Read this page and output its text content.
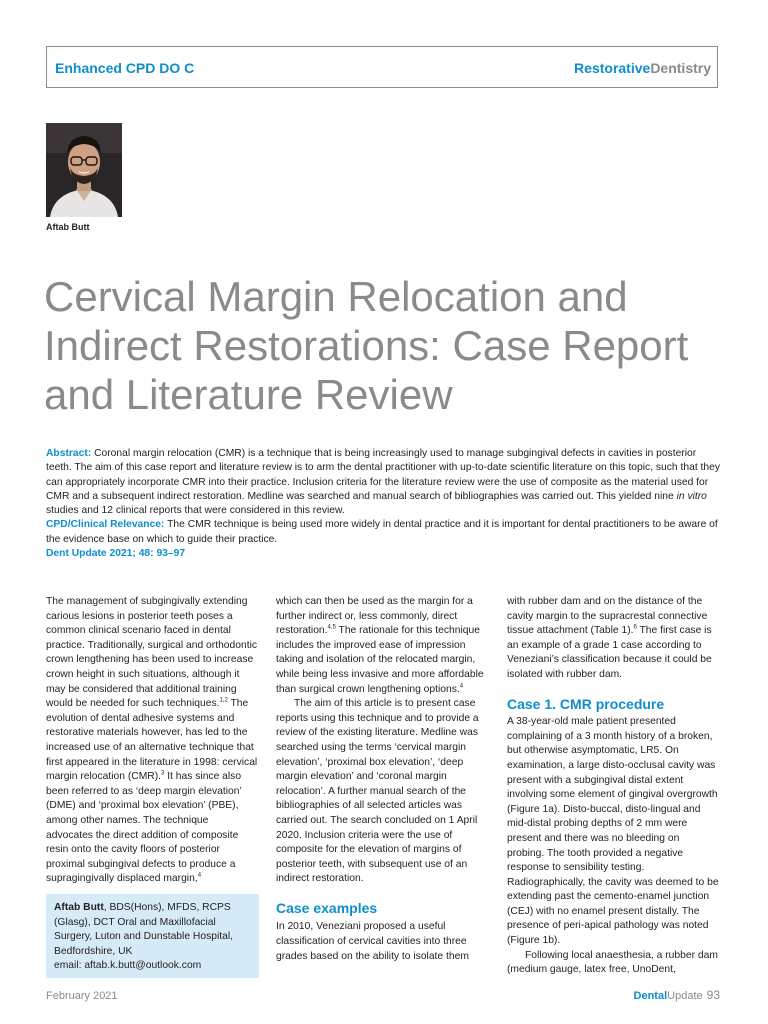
Enhanced CPD DO C	RestorativeDentistry
Aftab Butt
Cervical Margin Relocation and Indirect Restorations: Case Report and Literature Review

Abstract: Coronal margin relocation (CMR) is a technique that is being increasingly used to manage subgingival defects in cavities in posterior teeth. The aim of this case report and literature review is to arm the dental practitioner with up-to-date scientific literature on this topic, such that they can appropriately incorporate CMR into their practice. Inclusion criteria for the literature review were the use of composite as the material used for CMR and a subsequent indirect restoration. Medline was searched and manual search of bibliographies was carried out. This yielded nine in vitro studies and 12 clinical reports that were considered in this review.

CPD/Clinical Relevance: The CMR technique is being used more widely in dental practice and it is important for dental practitioners to be aware of the evidence base on which to guide their practice.

Dent Update 2021; 48: 93–97

The management of subgingivally extending carious lesions in posterior teeth poses a common clinical scenario faced in dental practice. Traditionally, surgical and orthodontic crown lengthening has been used to increase crown height in such situations, although it may be considered that additional training would be needed for such techniques.$^{1,2}$ The evolution of dental adhesive systems and restorative materials however, has led to the increased use of an alternative technique that first appeared in the literature in 1998: cervical margin relocation (CMR).$^3$ It has since also been referred to as ‘deep margin elevation’ (DME) and ‘proximal box elevation’ (PBE), among other names. The technique advocates the direct addition of composite resin onto the cavity floors of posterior proximal subgingival defects to produce a supragingivally displaced margin,$^4$

Aftab Butt, BDS(Hons), MFDS, RCPS (Glasg), DCT Oral and Maxillofacial Surgery, Luton and Dunstable Hospital, Bedfordshire, UK

email: aftab.k.butt@outlook.com

which can then be used as the margin for a further indirect or, less commonly, direct restoration.$^{4,5}$ The rationale for this technique includes the improved ease of impression taking and isolation of the relocated margin, while being less invasive and more affordable than surgical crown lengthening options.$^4$

The aim of this article is to present case reports using this technique and to provide a review of the existing literature. Medline was searched using the terms ‘cervical margin elevation’, ‘proximal box elevation’, ‘deep margin elevation’ and ‘coronal margin relocation’. A further manual search of the bibliographies of all selected articles was carried out. The search concluded on 1 April 2020. Inclusion criteria were the use of composite for the elevation of margins of posterior teeth, with subsequent use of an indirect restoration.

Case examples

In 2010, Veneziani proposed a useful classification of cervical cavities into three grades based on the ability to isolate them

with rubber dam and on the distance of the cavity margin to the supracrestal connective tissue attachment (Table 1).$^6$ The first case is an example of a grade 1 case according to Veneziani’s classification because it could be isolated with rubber dam.

Case 1. CMR procedure

A 38-year-old male patient presented complaining of a 3 month history of a broken, but otherwise asymptomatic, LR5. On examination, a large disto-occlusal cavity was present with a subgingival distal extent involving some element of gingival overgrowth (Figure 1a). Disto-buccal, disto-lingual and mid-distal probing depths of 2 mm were present and there was no bleeding on probing. The tooth provided a negative response to sensibility testing. Radiographically, the cavity was deemed to be extending past the cemento-enamel junction (CEJ) with no enamel present distally. The presence of peri-apical pathology was noted (Figure 1b).

Following local anaesthesia, a rubber dam (medium gauge, latex free, UnoDent,

February 2021	DentalUpdate 93
